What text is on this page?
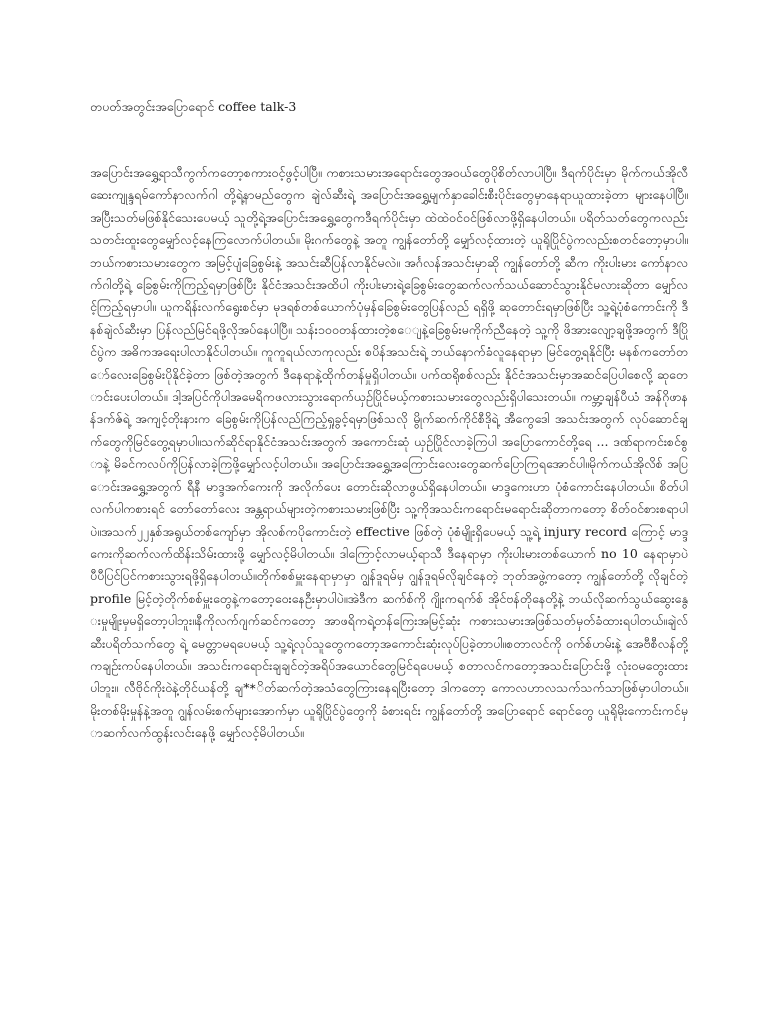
တပတ်အတွင်းအပြောရောင် coffee talk-3
အပြောင်းအရွှေ့ရာသီကွက်ကတော့စကားဝင့်ဖွင့်ပါပြီ။ ကစားသမားအရောင်းတွေအဝယ်တွေပိုစိတ်လာပါပြီ။ ဒီရက်ပိုင်းမှာ မိုက်ကယ်အိုလီဆေးကျုန္ဒရမ်ကော်နာလက်ဂါ တို့ရဲ့နာမည်တွေက ချဲလ်ဆီးရဲ့ အပြောင်းအရွှေ့မျက်နှာခေါင်းစီးပိုင်းတွေမှာနေရာယူထားခဲ့တာ များနေပါပြီ။ အပြီးသတ်မဖြစ်နိုင်သေးပေမယ့် သူတို့ရဲ့အပြောင်းအရွှေ့တွေကဒီရက်ပိုင်းမှာ ထဲထဲဝင်ဝင်ဖြစ်လာဖို့ရှိနေပါတယ်။ ပရိတ်သတ်တွေကလည်း သတင်းထူးတွေမျှော်လင့်နေကြလောက်ပါတယ်။ မိုးဂက်တွေနဲ့ အတူ ကျွန်တော်တို့ မျှော်လင့်ထားတဲ့ ယူရိုပြိုင်ပွဲကလည်းစတင်တော့မှာပါ။ ဘယ်ကစားသမားတွေက အမြင့်ပျံခြေစွမ်းနဲ့ အသင်းဆီပြန်လာနိုင်မလဲ။ အင်္ဂလန်အသင်းမှာဆို ကျွန်တော်တို့ ဆီက ကိုးပါးမား ကော်နာလက်ဂါတို့ရဲ့ ခြေစွမ်းကိုကြည့်ရမှာဖြစ်ပြီး နိုင်ငံအသင်းအထိပါ ကိုးပါးမားရဲ့ခြေစွမ်းတွေဆက်လက်သယ်ဆောင်သွားနိုင်မလားဆိုတာ မျှော်လင့်ကြည့်ရမှာပါ။ ယူကရိန်းလက်ရွေးစင်မှာ မုဒရစ်တစ်ယောက်ပုံမှန်ခြေစွမ်းတွေပြန်လည် ရရှိဖို့ ဆုတောင်းရမှာဖြစ်ပြီး သူ့ရဲ့ပုံစံကောင်းကို ဒီနစ်ချဲလ်ဆီးမှာ ပြန်လည်မြင်ရဖို့လိုအပ်နေပါပြီ။ သန်း၁၀၀တန်ထားတဲ့စ​ေျနဲ့ခြေစွမ်းမကိုက်ညီနေတဲ့ သူ့ကို ဖိအားလျော့ချဖို့အတွက် ဒီပြိုင်ပွဲက အဓိကအရေးပါလာနိုင်ပါတယ်။ ကူကူရယ်လာကုလည်း စပိန်အသင်းရဲ့ ဘယ်နောက်ခံလူနေရာမှာ မြင်တွေ့ရနိုင်ပြီး မနစ်ကတော်တော်လေးခြေစွမ်းပိုနိုင်ခဲ့တာ ဖြစ်တဲ့အတွက် ဒီနေရာနဲ့ထိုက်တန်မှုရှိပါတယ်။ ပက်ထရိုစစ်လည်း နိုင်ငံအသင်းမှာအဆင်ပြေပါစေလို့ ဆုတောင်းပေးပါတယ်။ ဒါ့အပြင်ကိုပါအမေရိကဖလားသွားရောက်ယှဉ်ပြိုင်မယ့်ကစားသမားတွေလည်းရှိပါသေးတယ်။ ကမ္ဘာ့ချန်ပီယံ အန်ဂိုဖာနန်ဒက်ဇ်ရဲ့ အကျင့်တိုးနားက ခြေစွမ်းကိုပြန်လည်ကြည့်ရှုခွင့်ရမှာဖြစ်သလို မွိုက်ဆက်ကိုင်စီဒိုရဲ့ အီကွေဒေါ အသင်းအတွက် လုပ်ဆောင်ချက်တွေကိုမြင်တွေ့ရမှာပါ။သက်ဆိုင်ရာနိုင်ငံအသင်းအတွက် အကောင်းဆုံ ယှဉ်ပြိုင်လာခဲ့ကြပါ အပြောကောင်တို့ရေ ... ဒဏ်ရာကင်းစင်စွာနဲ့ မိခင်ကလပ်ကိုပြန်လာခဲ့ကြဖို့မျှော်လင့်ပါတယ်။ အပြောင်းအရွှေ့အကြောင်းလေးတွေဆက်ပြောကြရအောင်ပါ။မိုက်ကယ်အိုလိစ် အပြောင်းအရွှေ့အတွက် ရီနီ မာဒ္ဒအက်ကေးကို အလိုက်ပေး တောင်းဆိုလာဖွယ်ရှိနေပါတယ်။ မာဒ္ဒကေးဟာ ပုံစံကောင်းနေပါတယ်။ စိတ်ပါလက်ပါကစားရင် တော်တော်လေး အန္တရာယ်များတဲ့ကစားသမားဖြစ်ပြီး သူ့ကိုအသင်းကရောင်းမရောင်းဆိုတာကတော့ စိတ်ဝင်စားစရာပါပဲ။အသက်၂၂နှစ်အရွယ်တစ်ကျော်မှာ အိုလစ်ကပိုကောင်းတဲ့ effective ဖြစ်တဲ့ ပုံစံမျိုးရှိပေမယ့် သူ့ရဲ့ injury record ကြောင့် မာဒ္ဒကေးကိုဆက်လက်ထိန်းသိမ်းထားဖို့ မျှော်လင့်မိပါတယ်။ ဒါကြောင့်လာမယ့်ရာသီ ဒီနေရာမှာ ကိုးပါးမားတစ်ယောက် no 10 နေရာမှာပဲ ပီပီပြင်ပြင်ကစားသွားရဖို့ရှိနေပါတယ်။တိုက်စစ်မှူးနေရာမှာမှာ ဂျွန်ဒူရမ်မှ ဂျွန်ဒူရမ်လိုချင်နေတဲ့ ဘုတ်အဖွဲ့ကတော့ ကျွန်တော်တို့ လိုချင်တဲ့ profile မြင့်တဲ့တိုက်စစ်မှူးတွေနဲ့ကတော့ဝေးနေဦးမှာပါပဲ။အဲဒီက ဆက်စ်ကို ဂျိုးကရက်စ် အိုင်ဗန်တိုနေတို့နဲ့ ဘယ်လိုဆက်သွယ်ဆွေးနွေးမှုမျိုးမှမရှိတော့ပါဘူး။နီကိုလက်ဂျက်ဆင်ကတော့ အာဖရိကရဲ့တန်ကြေးအမြင့်ဆုံး ကစားသမားအဖြစ်သတ်မှတ်ခံထားရပါတယ်။ချဲလ်ဆီးပရိတ်သက်တွေ ရဲ့ မေတ္တာမရပေမယ့် သူ့ရဲ့လုပ်သူတွေကတော့အကောင်းဆုံးလုပ်ပြခဲ့တာပါ။စတာလင်ကို ဝက်စ်ဟမ်းနဲ့ အေဗီစီလန်တို့ကချဉ်းကပ်နေပါတယ်။ အသင်းကရောင်းချချင်တဲ့အရိပ်အယောင်တွေမြင်ရပေမယ့် စတာလင်ကတော့အသင်းပြောင်းဖို့ လုံးဝမတွေးထားပါဘူး။ လီဗိုင်ကိုးဝဲနဲ့တိုင်ယန်တို့ ချ**ိတ်ဆက်တဲ့အသံတွေကြားနေရပြီးတော့ ဒါကတော့ ကောလဟာလသက်သက်သာဖြစ်မှာပါတယ်။မိုးတစ်မိုးမှုန်နဲ့အတူ ဂျွန်လမ်းစက်များအောက်မှာ ယူရိုပြိုင်ပွဲတွေကို ခံစားရင်း ကျွန်တော်တို့ အပြောရောင် ရောင်တွေ ယူရိုမိုးကောင်းကင်မှာဆက်လက်ထွန်းလင်းနေဖို့ မျှော်လင့်မိပါတယ်။
